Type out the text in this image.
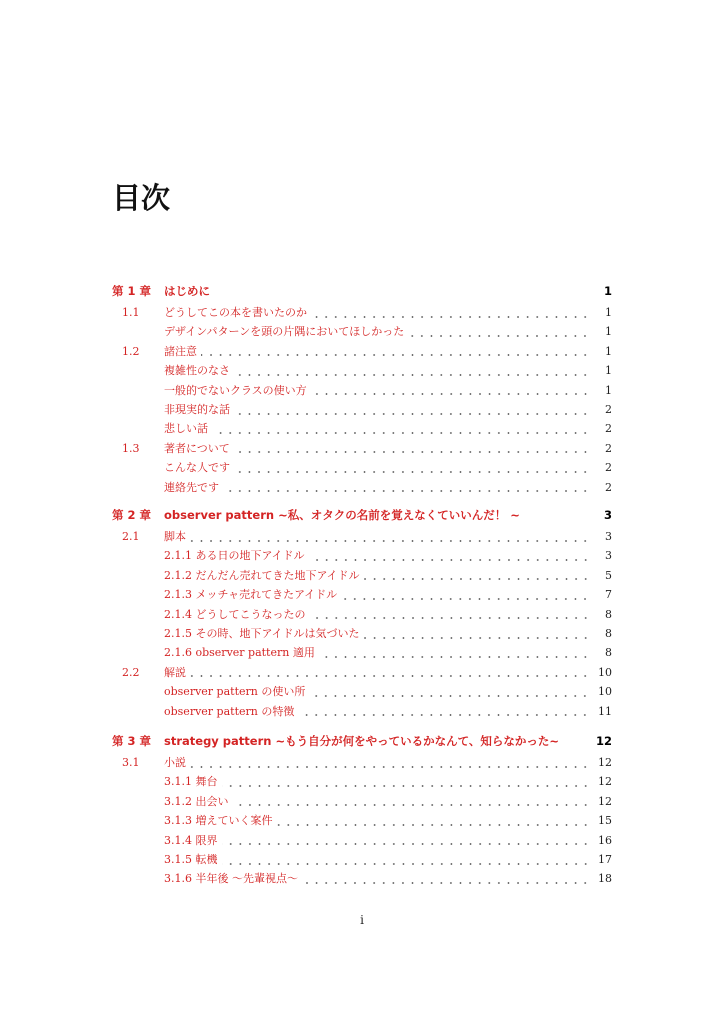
目次
第 1 章	はじめに	1
1.1	どうしてこの本を書いたのか	1
デザインパターンを頭の片隅においてほしかった	1
1.2	諸注意	1
複雑性のなさ	1
一般的でないクラスの使い方	1
非現実的な話	2
悲しい話	2
1.3	著者について	2
こんな人です	2
連絡先です	2
第 2 章	observer pattern ~私、オタクの名前を覚えなくていいんだ！ ~	3
2.1	脚本	3
2.1.1 ある日の地下アイドル	3
2.1.2 だんだん売れてきた地下アイドル	5
2.1.3 メッチャ売れてきたアイドル	7
2.1.4 どうしてこうなったの	8
2.1.5 その時、地下アイドルは気づいた	8
2.1.6 observer pattern 適用	8
2.2	解説	10
observer pattern の使い所	10
observer pattern の特徴	11
第 3 章	strategy pattern ~もう自分が何をやっているかなんて、知らなかった~	12
3.1	小説	12
3.1.1 舞台	12
3.1.2 出会い	12
3.1.3 増えていく案件	15
3.1.4 限界	16
3.1.5 転機	17
3.1.6 半年後 〜先輩視点〜	18
i
